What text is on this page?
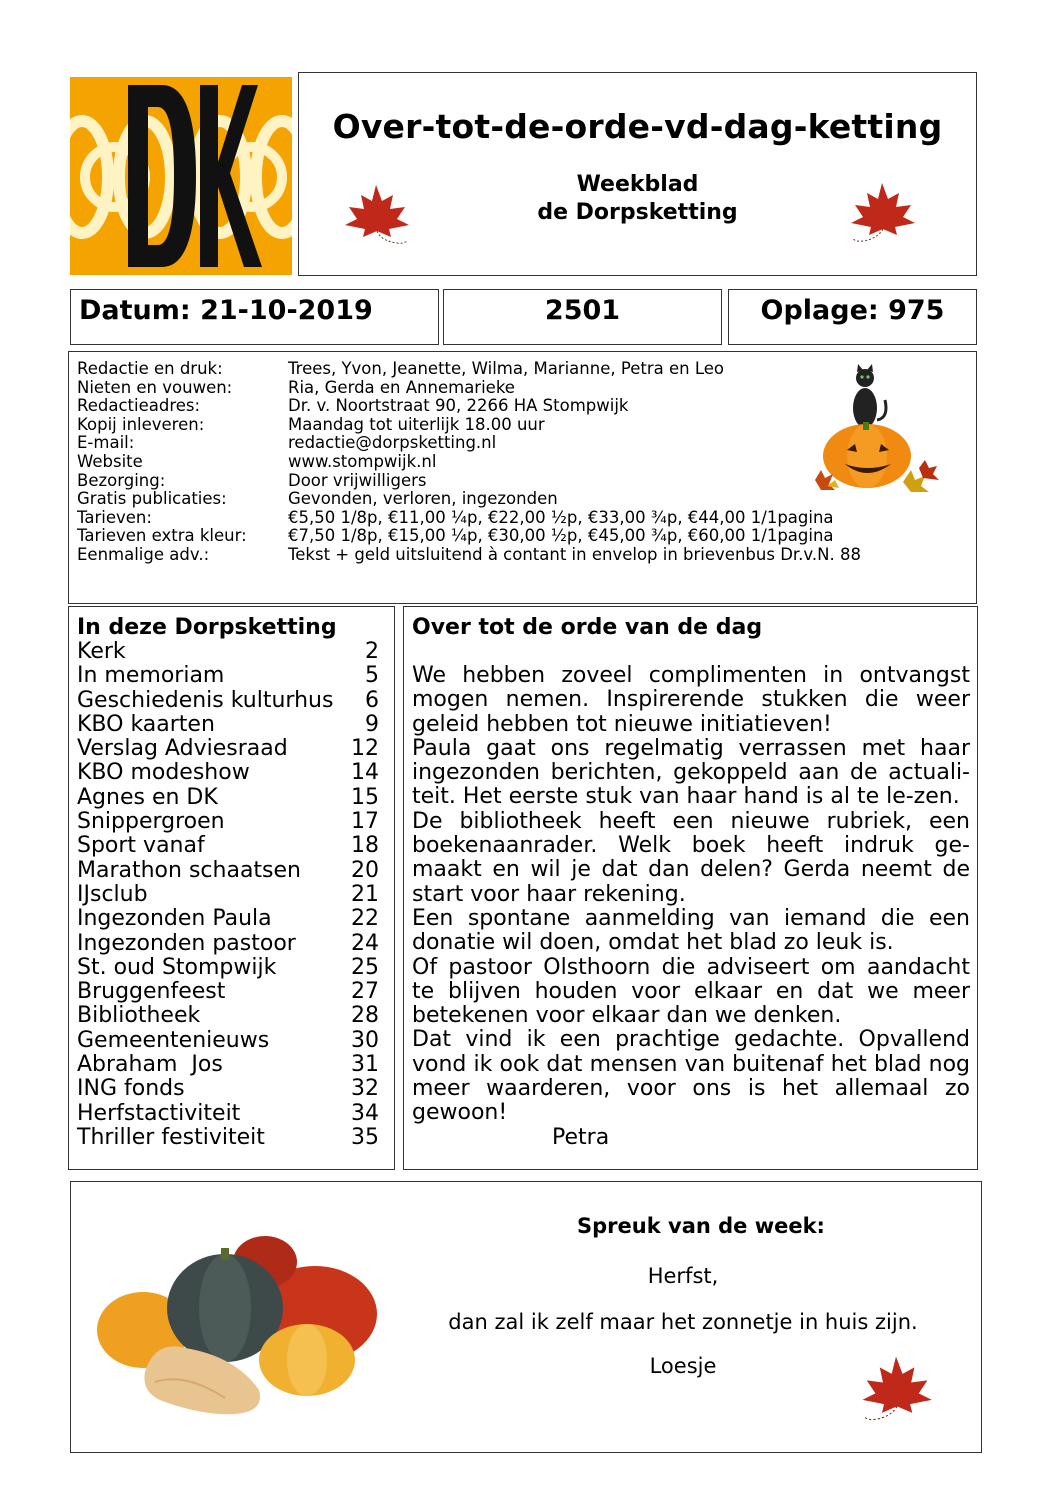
Over-tot-de-orde-vd-dag-ketting
Weekblad
de Dorpsketting
Datum: 21-10-2019	2501	Oplage: 975
Redactie en druk:	Trees, Yvon, Jeanette, Wilma, Marianne, Petra en Leo
Nieten en vouwen:	Ria, Gerda en Annemarieke
Redactieadres:	Dr. v. Noortstraat 90, 2266 HA Stompwijk
Kopij inleveren:	Maandag tot uiterlijk 18.00 uur
E-mail:	redactie@dorpsketting.nl
Website	www.stompwijk.nl
Bezorging:	Door vrijwilligers
Gratis publicaties:	Gevonden, verloren, ingezonden
Tarieven:	€5,50 1/8p, €11,00 ¼p, €22,00 ½p, €33,00 ¾p, €44,00 1/1pagina
Tarieven extra kleur:	€7,50 1/8p, €15,00 ¼p, €30,00 ½p, €45,00 ¾p, €60,00 1/1pagina
Eenmalige adv.:	Tekst + geld uitsluitend à contant in envelop in brievenbus Dr.v.N. 88
In deze Dorpsketting
Kerk	2
In memoriam	5
Geschiedenis kulturhus 6
KBO kaarten	9
Verslag Adviesraad	12
KBO modeshow	14
Agnes en DK	15
Snippergroen	17
Sport vanaf	18
Marathon schaatsen 20
IJsclub	21
Ingezonden Paula	22
Ingezonden pastoor	24
St. oud Stompwijk	25
Bruggenfeest	27
Bibliotheek	28
Gemeentenieuws	30
Abraham  Jos	31
ING fonds	32
Herfstactiviteit	34
Thriller festiviteit	35
Over tot de orde van de dag

We hebben zoveel complimenten in ontvangst mogen nemen. Inspirerende stukken die weer geleid hebben tot nieuwe initiatieven!

Paula gaat ons regelmatig verrassen met haar ingezonden berichten, gekoppeld aan de actuali-teit. Het eerste stuk van haar hand is al te le-zen.

De bibliotheek heeft een nieuwe rubriek, een boekenaanrader. Welk boek heeft indruk ge-maakt en wil je dat dan delen? Gerda neemt de start voor haar rekening.

Een spontane aanmelding van iemand die een donatie wil doen, omdat het blad zo leuk is.

Of pastoor Olsthoorn die adviseert om aandacht te blijven houden voor elkaar en dat we meer betekenen voor elkaar dan we denken.

Dat vind ik een prachtige gedachte. Opvallend vond ik ook dat mensen van buitenaf het blad nog meer waarderen, voor ons is het allemaal zo gewoon!

Petra

Spreuk van de week:
Herfst,
dan zal ik zelf maar het zonnetje in huis zijn.
Loesje
